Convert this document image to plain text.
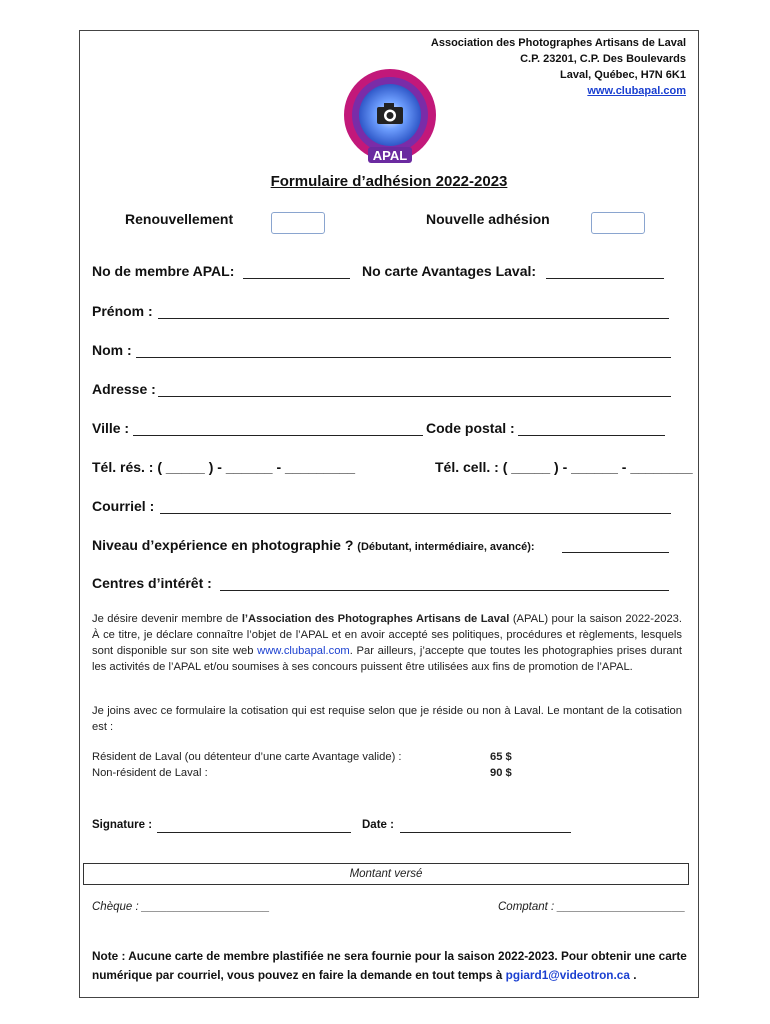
Association des Photographes Artisans de Laval
C.P. 23201, C.P. Des Boulevards
Laval, Québec, H7N 6K1
www.clubapal.com
APAL
Formulaire d’adhésion 2022-2023
Renouvellement	Nouvelle adhésion
No de membre APAL:	No carte Avantages Laval:
Prénom :
Nom :
Adresse :
Ville :	Code postal :
Tél. rés. : ( _____ ) - ______ - _________	Tél. cell. : ( _____ ) - ______ - ________
Courriel :
Niveau d’expérience en photographie ? (Débutant, intermédiaire, avancé):
Centres d’intérêt :
Je désire devenir membre de l’Association des Photographes Artisans de Laval (APAL) pour la saison 2022-2023. À ce titre, je déclare connaître l’objet de l’APAL et en avoir accepté ses politiques, procédures et règlements, lesquels sont disponible sur son site web www.clubapal.com. Par ailleurs, j’accepte que toutes les photographies prises durant les activités de l’APAL et/ou soumises à ses concours puissent être utilisées aux fins de promotion de l’APAL.
Je joins avec ce formulaire la cotisation qui est requise selon que je réside ou non à Laval. Le montant de la cotisation est :
Résident de Laval (ou détenteur d’une carte Avantage valide) :	65 $
Non-résident de Laval :	90 $
Signature :	Date :
Montant versé
Chèque : ____________________	Comptant : ____________________
Note : Aucune carte de membre plastifiée ne sera fournie pour la saison 2022-2023. Pour obtenir une carte numérique par courriel, vous pouvez en faire la demande en tout temps à pgiard1@videotron.ca .
